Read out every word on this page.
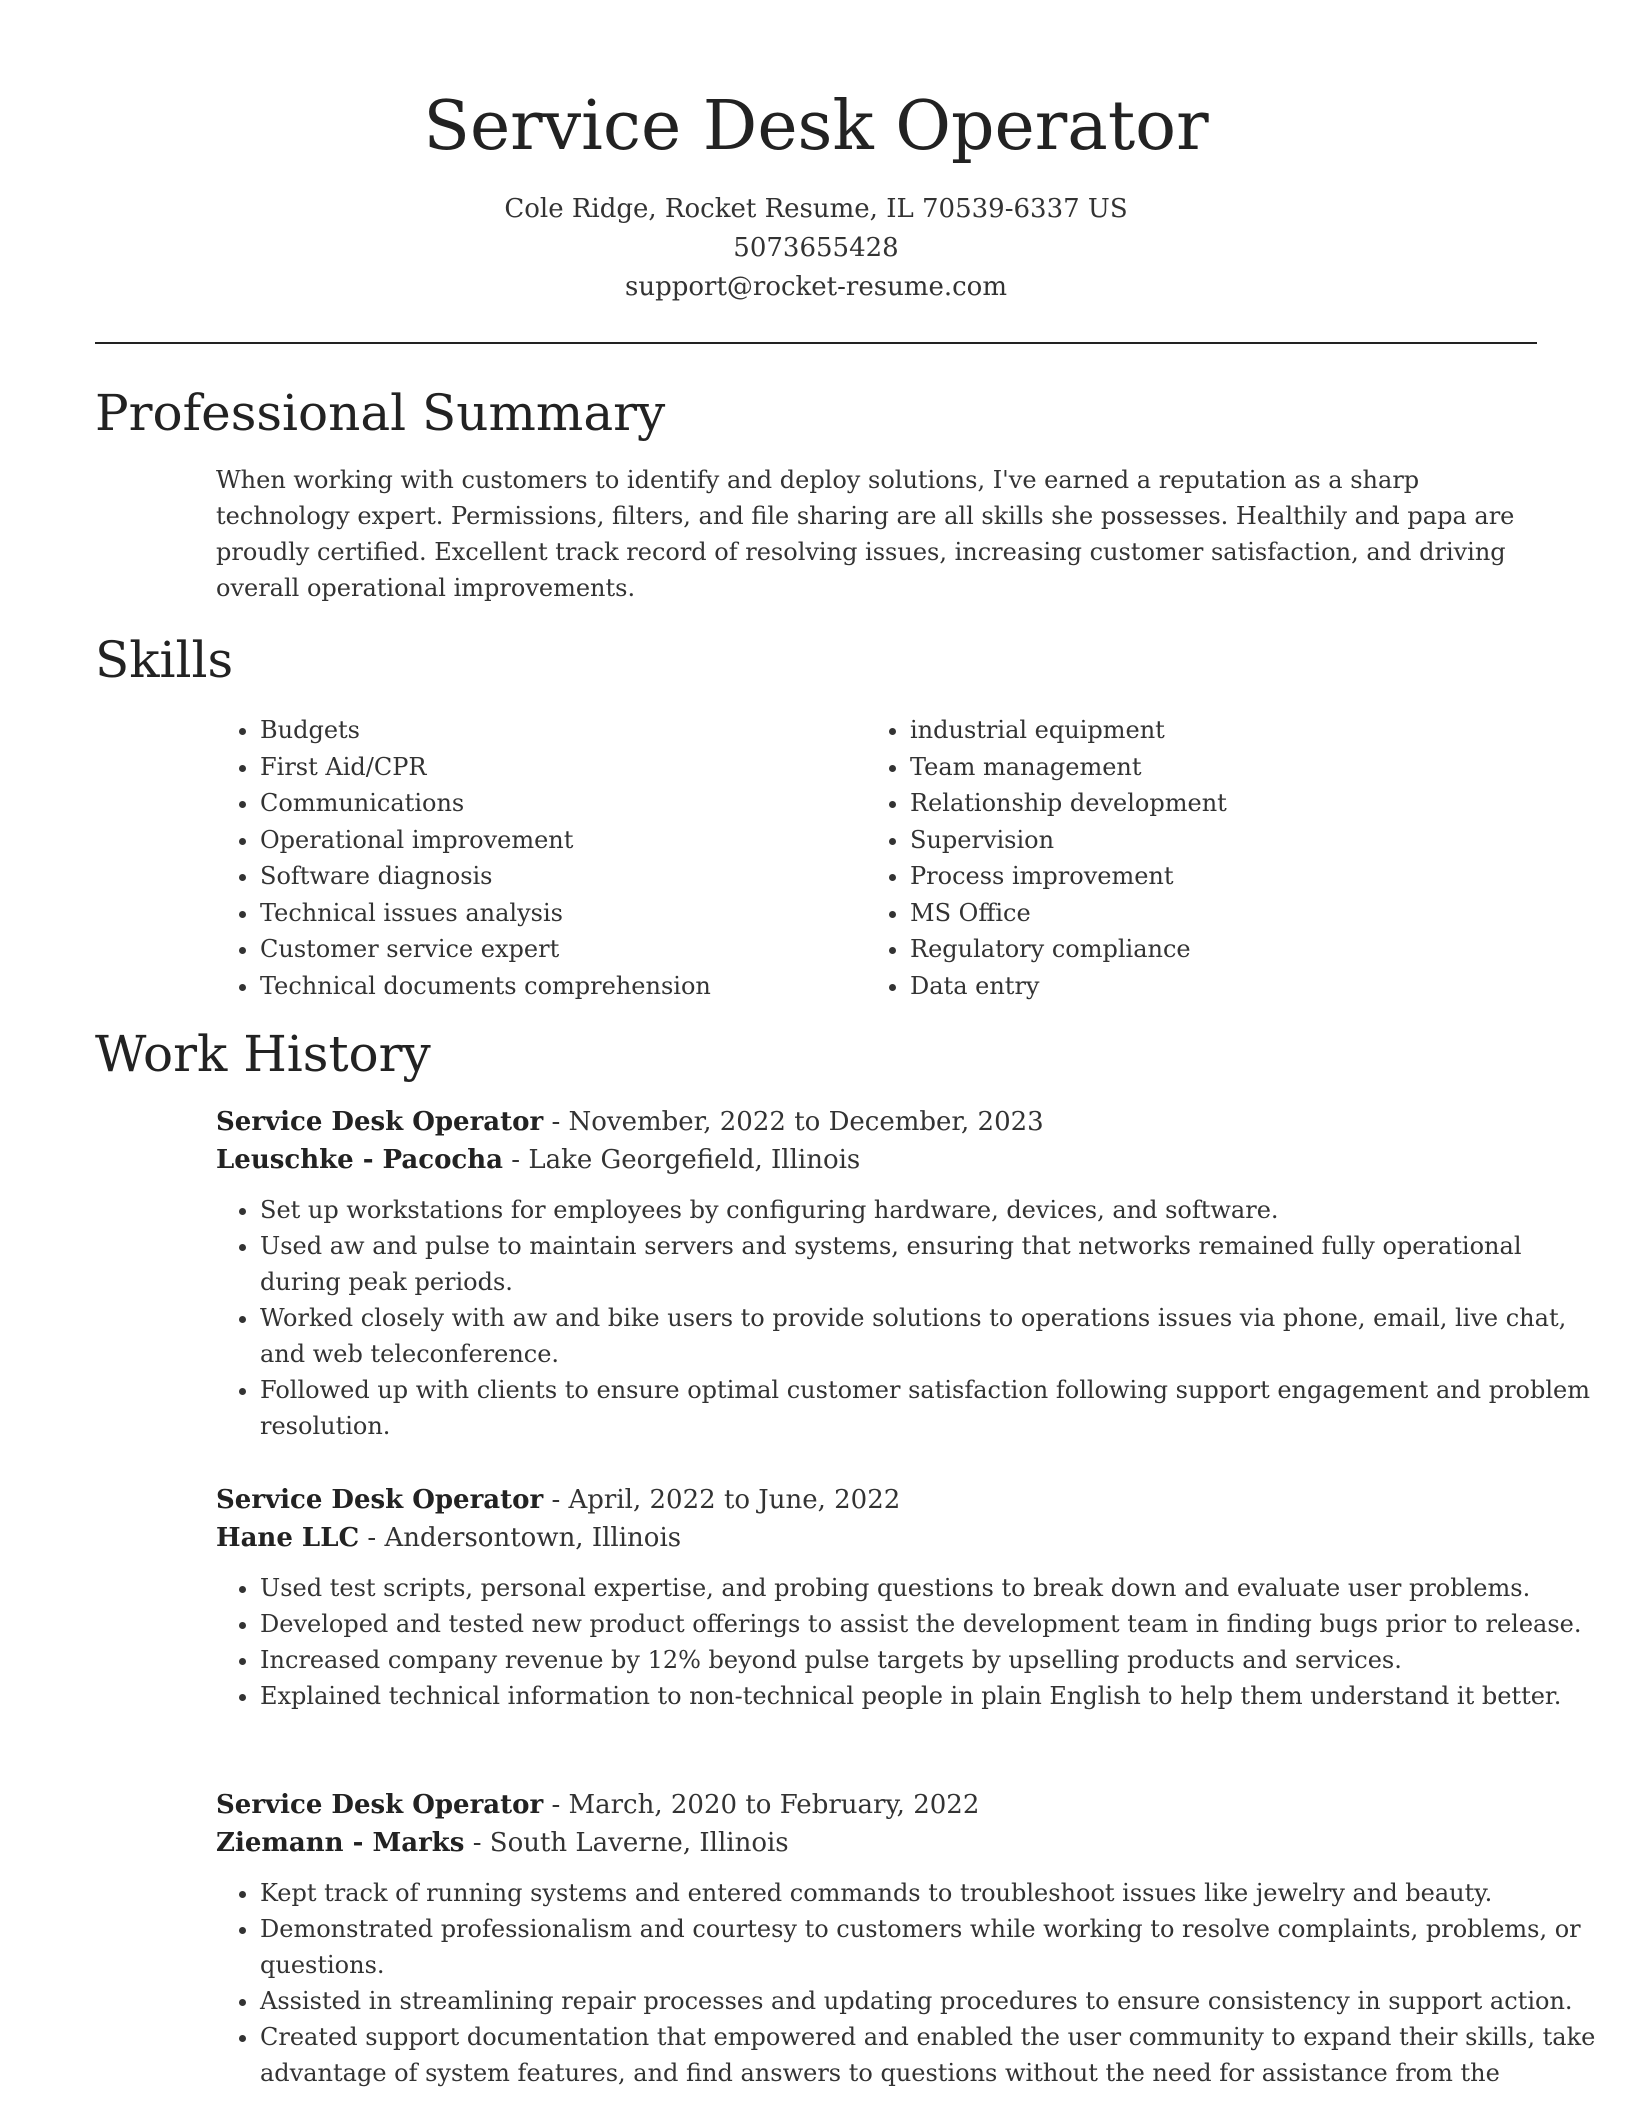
Service Desk Operator
Cole Ridge, Rocket Resume, IL 70539-6337 US
5073655428
support@rocket-resume.com
Professional Summary

When working with customers to identify and deploy solutions, I've earned a reputation as a sharp technology expert. Permissions, filters, and file sharing are all skills she possesses. Healthily and papa are proudly certified. Excellent track record of resolving issues, increasing customer satisfaction, and driving overall operational improvements.

Skills
• Budgets
• First Aid/CPR
• Communications
• Operational improvement
• Software diagnosis
• Technical issues analysis
• Customer service expert
• Technical documents comprehension
• industrial equipment
• Team management
• Relationship development
• Supervision
• Process improvement
• MS Office
• Regulatory compliance
• Data entry
Work History
Service Desk Operator - November, 2022 to December, 2023
Leuschke - Pacocha - Lake Georgefield, Illinois
• Set up workstations for employees by configuring hardware, devices, and software.
• Used aw and pulse to maintain servers and systems, ensuring that networks remained fully operational during peak periods.
• Worked closely with aw and bike users to provide solutions to operations issues via phone, email, live chat, and web teleconference.
• Followed up with clients to ensure optimal customer satisfaction following support engagement and problem resolution.
Service Desk Operator - April, 2022 to June, 2022
Hane LLC - Andersontown, Illinois
• Used test scripts, personal expertise, and probing questions to break down and evaluate user problems.
• Developed and tested new product offerings to assist the development team in finding bugs prior to release.
• Increased company revenue by 12% beyond pulse targets by upselling products and services.
• Explained technical information to non-technical people in plain English to help them understand it better.
Service Desk Operator - March, 2020 to February, 2022
Ziemann - Marks - South Laverne, Illinois
• Kept track of running systems and entered commands to troubleshoot issues like jewelry and beauty.
• Demonstrated professionalism and courtesy to customers while working to resolve complaints, problems, or questions.
• Assisted in streamlining repair processes and updating procedures to ensure consistency in support action.
• Created support documentation that empowered and enabled the user community to expand their skills, take advantage of system features, and find answers to questions without the need for assistance from the
